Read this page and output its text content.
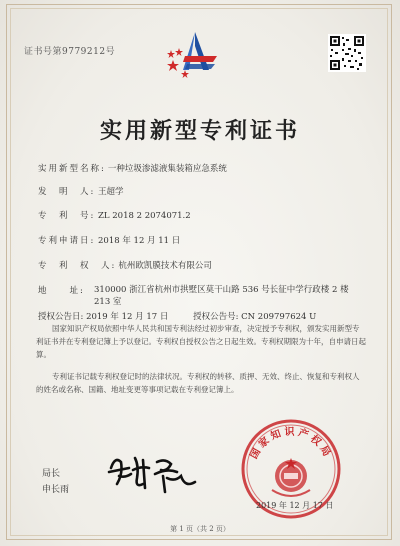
证书号第9779212号
实用新型专利证书
实用新型名称: 一种垃圾渗滤液集装箱应急系统
发　明　人: 王超学
专　利　号: ZL 2018 2 2074071.2
专利申请日: 2018 年 12 月 11 日
专　利　权　人: 杭州欧凯膜技术有限公司
地　　址: 310000 浙江省杭州市拱墅区莫干山路 536 号长征中学行政楼 2 楼 213 室
授权公告日: 2019 年 12 月 17 日	授权公告号: CN 209797624 U
国家知识产权局依照中华人民共和国专利法经过初步审查，决定授予专利权，颁发实用新型专利证书并在专利登记簿上予以登记。专利权自授权公告之日起生效。专利权期限为十年，自申请日起算。
专利证书记载专利权登记时的法律状况。专利权的转移、质押、无效、终止、恢复和专利权人的姓名或名称、国籍、地址变更等事项记载在专利登记簿上。
局长
申长雨
国家知识产权局
2019 年 12 月 17 日
第 1 页（共 2 页）
